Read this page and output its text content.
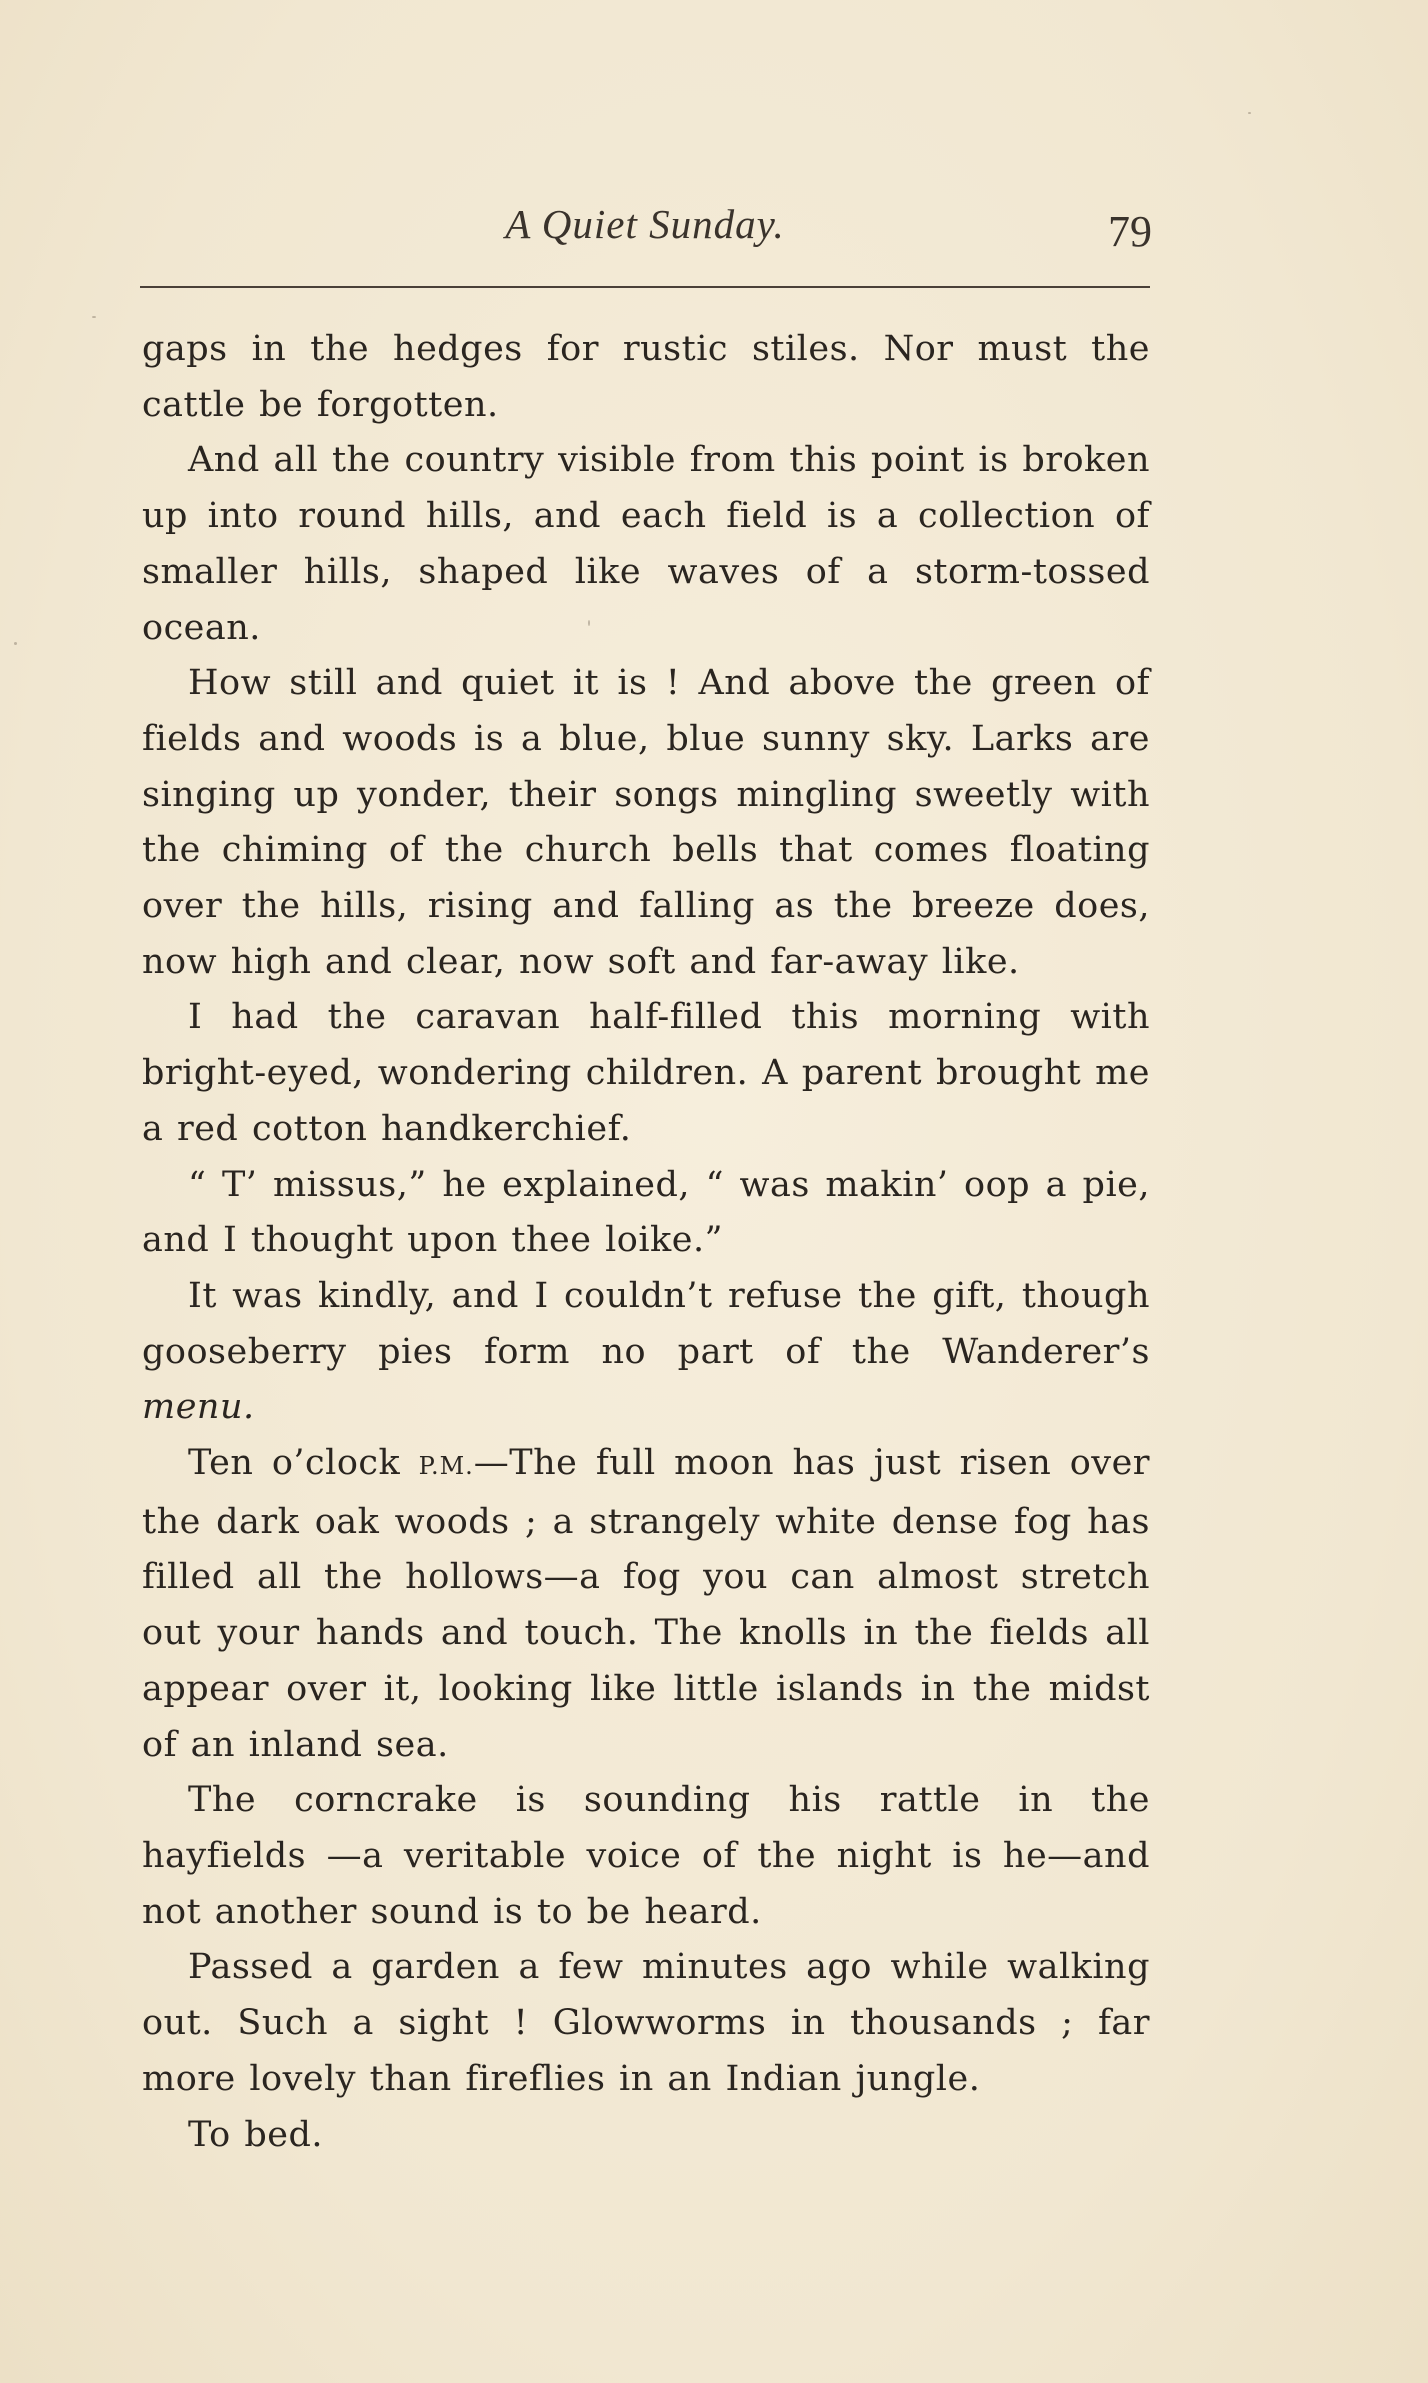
A Quiet Sunday.	79

gaps in the hedges for rustic stiles. Nor must the cattle be forgotten.

And all the country visible from this point is broken up into round hills, and each field is a collection of smaller hills, shaped like waves of a storm-tossed ocean.

How still and quiet it is ! And above the green of fields and woods is a blue, blue sunny sky. Larks are singing up yonder, their songs mingling sweetly with the chiming of the church bells that comes floating over the hills, rising and falling as the breeze does, now high and clear, now soft and far-away like.

I had the caravan half-filled this morning with bright-eyed, wondering children. A parent brought me a red cotton handkerchief.

“ T’ missus,” he explained, “ was makin’ oop a pie, and I thought upon thee loike.”

It was kindly, and I couldn’t refuse the gift, though gooseberry pies form no part of the Wanderer’s menu.

Ten o’clock P.M.—The full moon has just risen over the dark oak woods ; a strangely white dense fog has filled all the hollows—a fog you can almost stretch out your hands and touch. The knolls in the fields all appear over it, looking like little islands in the midst of an inland sea.

The corncrake is sounding his rattle in the hayfields —a veritable voice of the night is he—and not another sound is to be heard.

Passed a garden a few minutes ago while walking out. Such a sight ! Glowworms in thousands ; far more lovely than fireflies in an Indian jungle.

To bed.
